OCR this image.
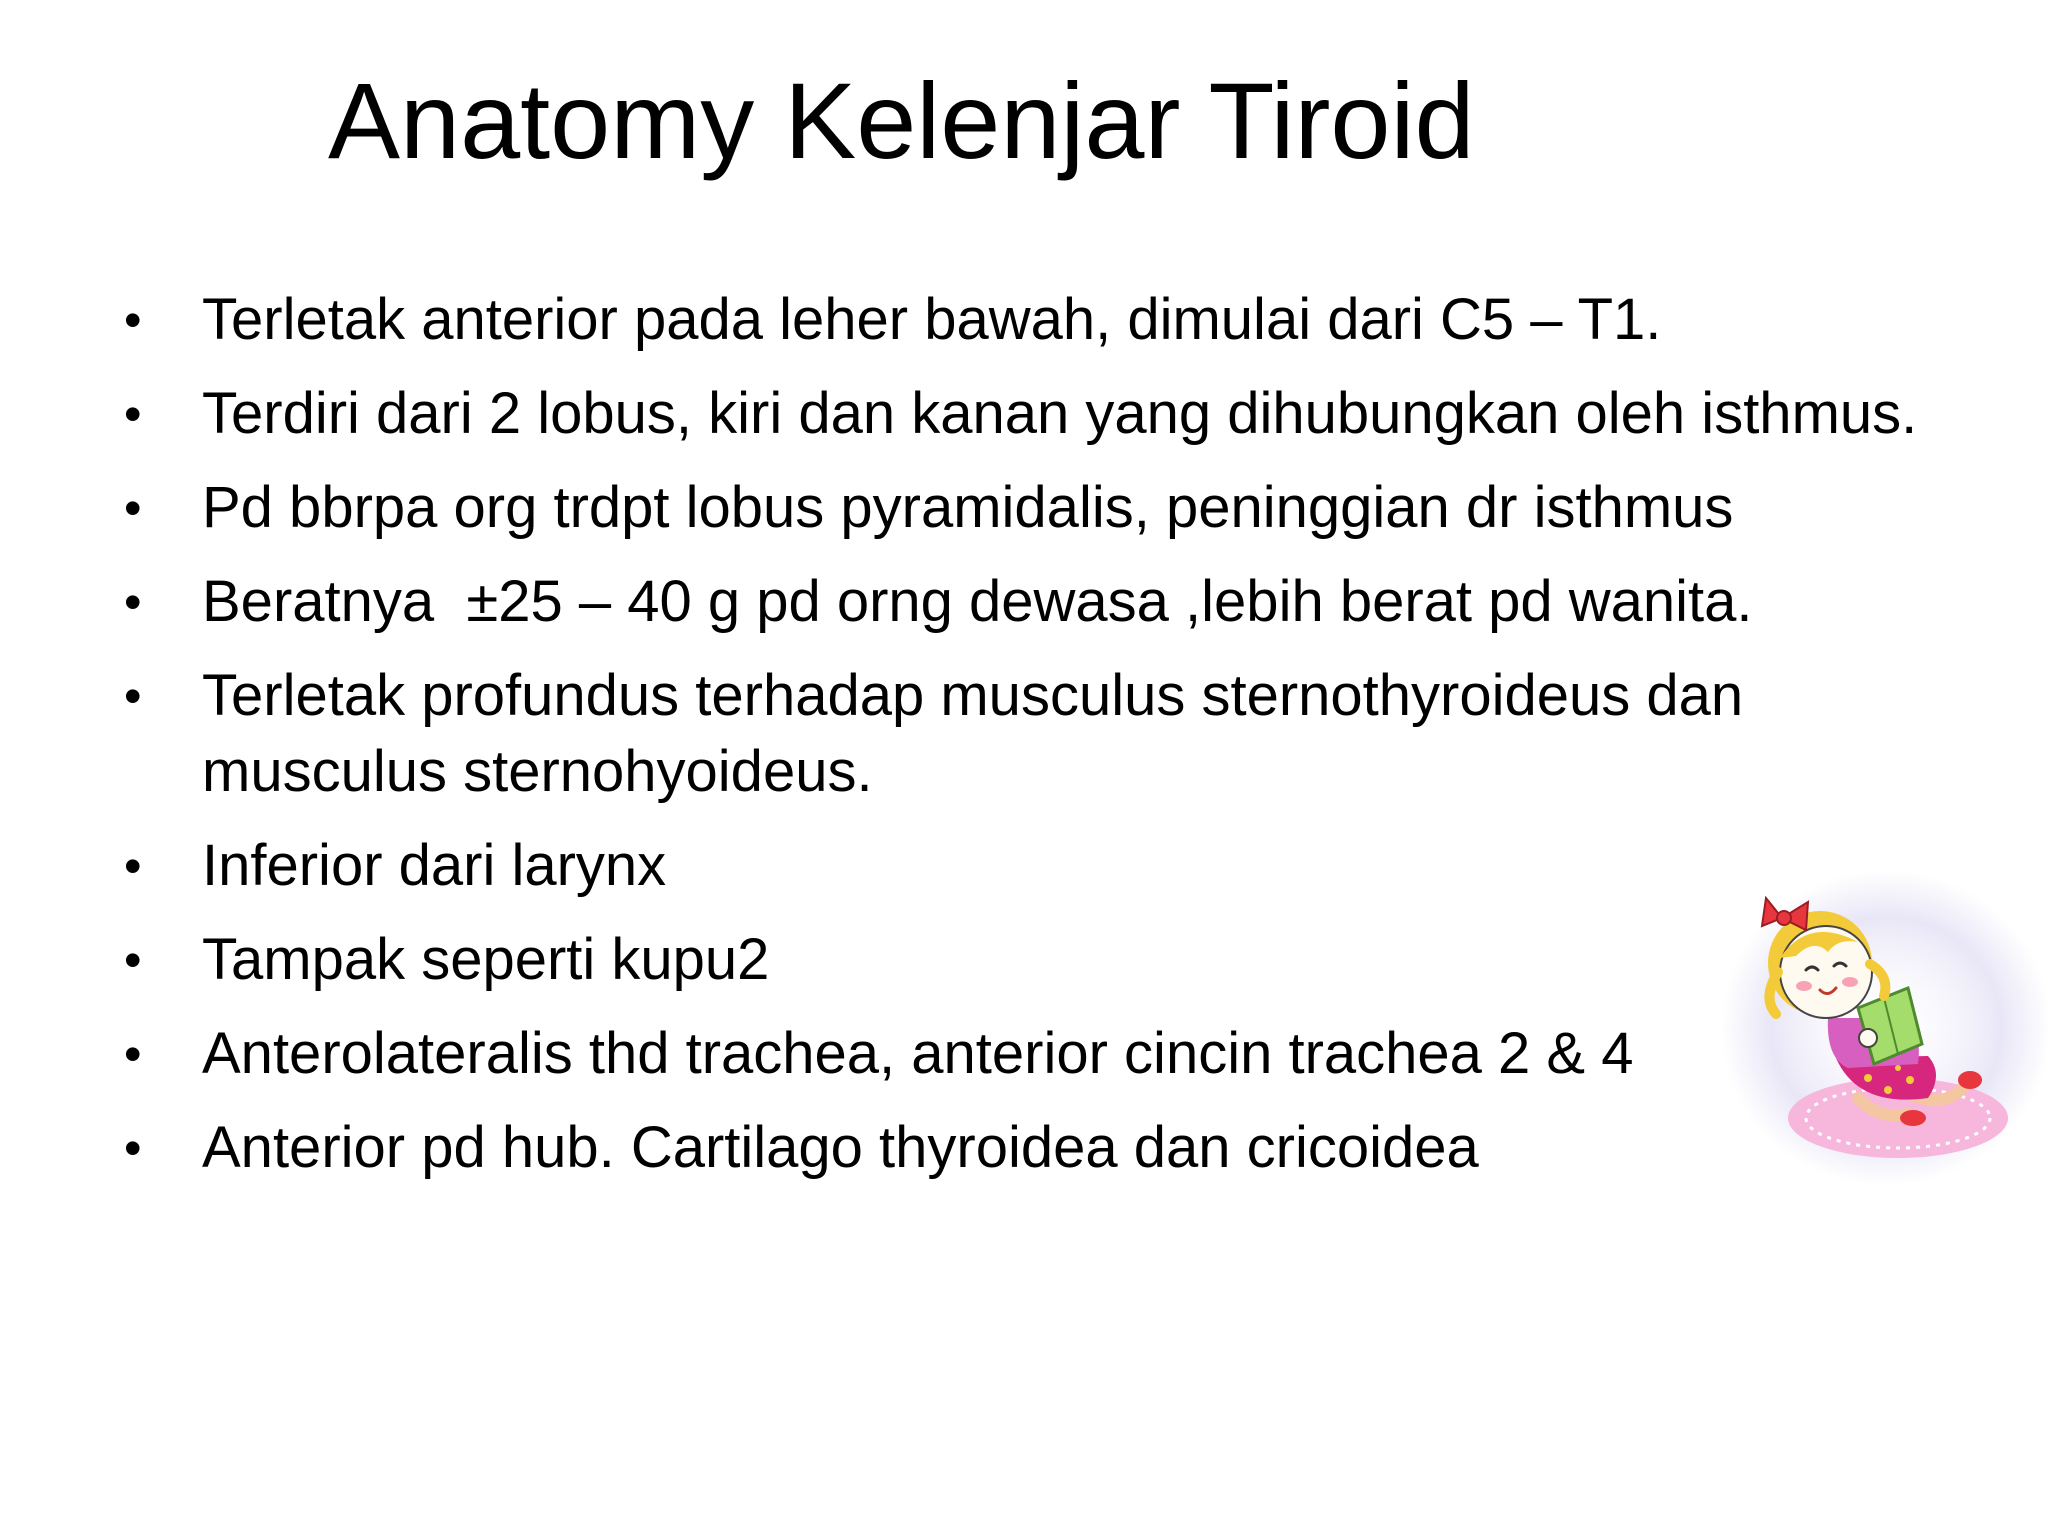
Anatomy Kelenjar Tiroid
• Terletak anterior pada leher bawah, dimulai dari C5 – T1.
• Terdiri dari 2 lobus, kiri dan kanan yang dihubungkan oleh isthmus.
• Pd bbrpa org trdpt lobus pyramidalis, peninggian dr isthmus
• Beratnya  ±25 – 40 g pd orng dewasa ,lebih berat pd wanita.
• Terletak profundus terhadap musculus sternothyroideus dan musculus sternohyoideus.
• Inferior dari larynx
• Tampak seperti kupu2
• Anterolateralis thd trachea, anterior cincin trachea 2 & 4
• Anterior pd hub. Cartilago thyroidea dan cricoidea
